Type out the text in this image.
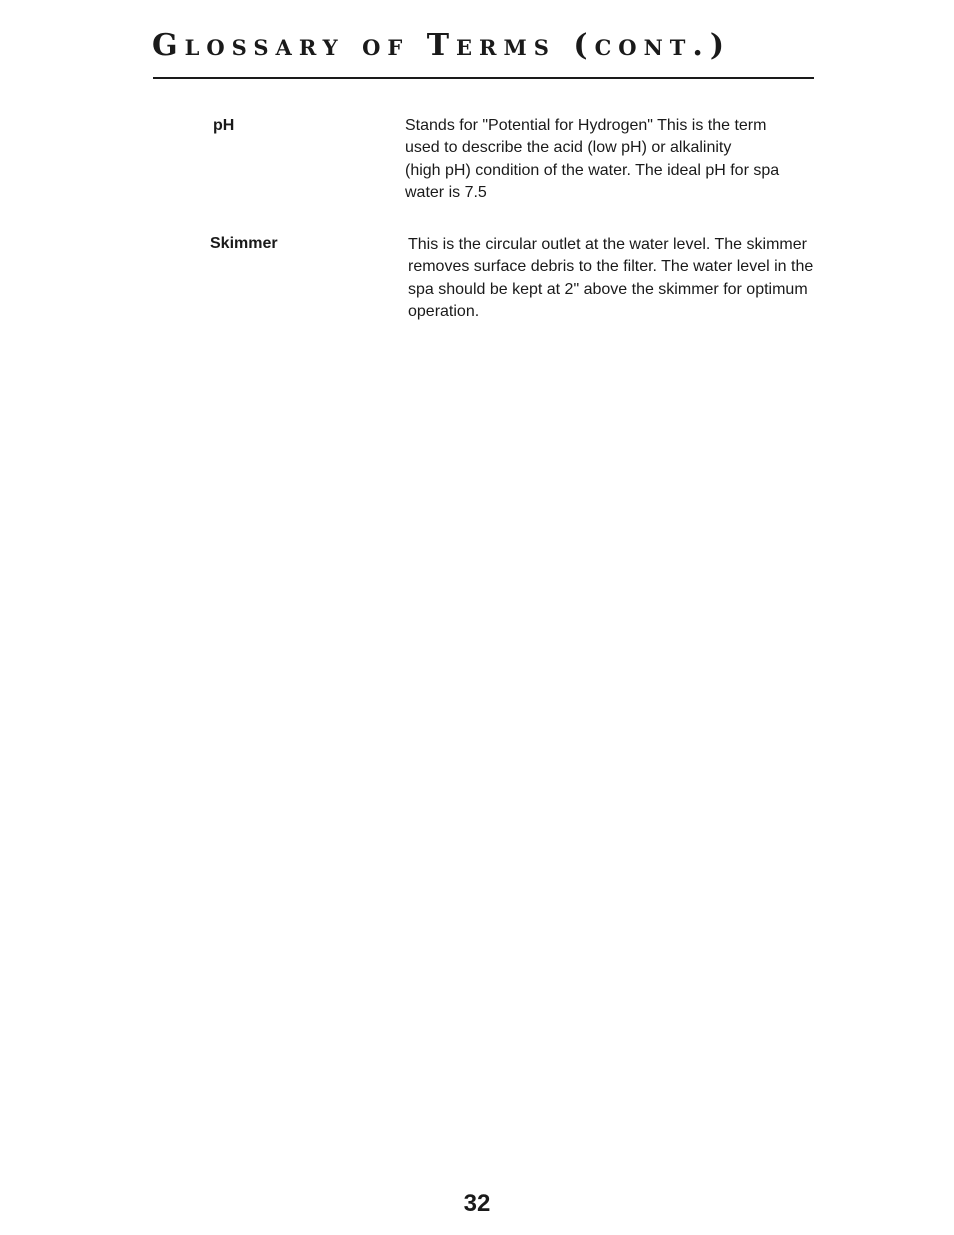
Glossary of Terms (cont.)
pH	Stands for "Potential for Hydrogen" This is the term
used to describe the acid (low pH) or alkalinity
(high pH) condition of the water. The ideal pH for spa
water is 7.5
Skimmer	This is the circular outlet at the water level. The skimmer
removes surface debris to the filter. The water level in the
spa should be kept at 2" above the skimmer for optimum
operation.
32
